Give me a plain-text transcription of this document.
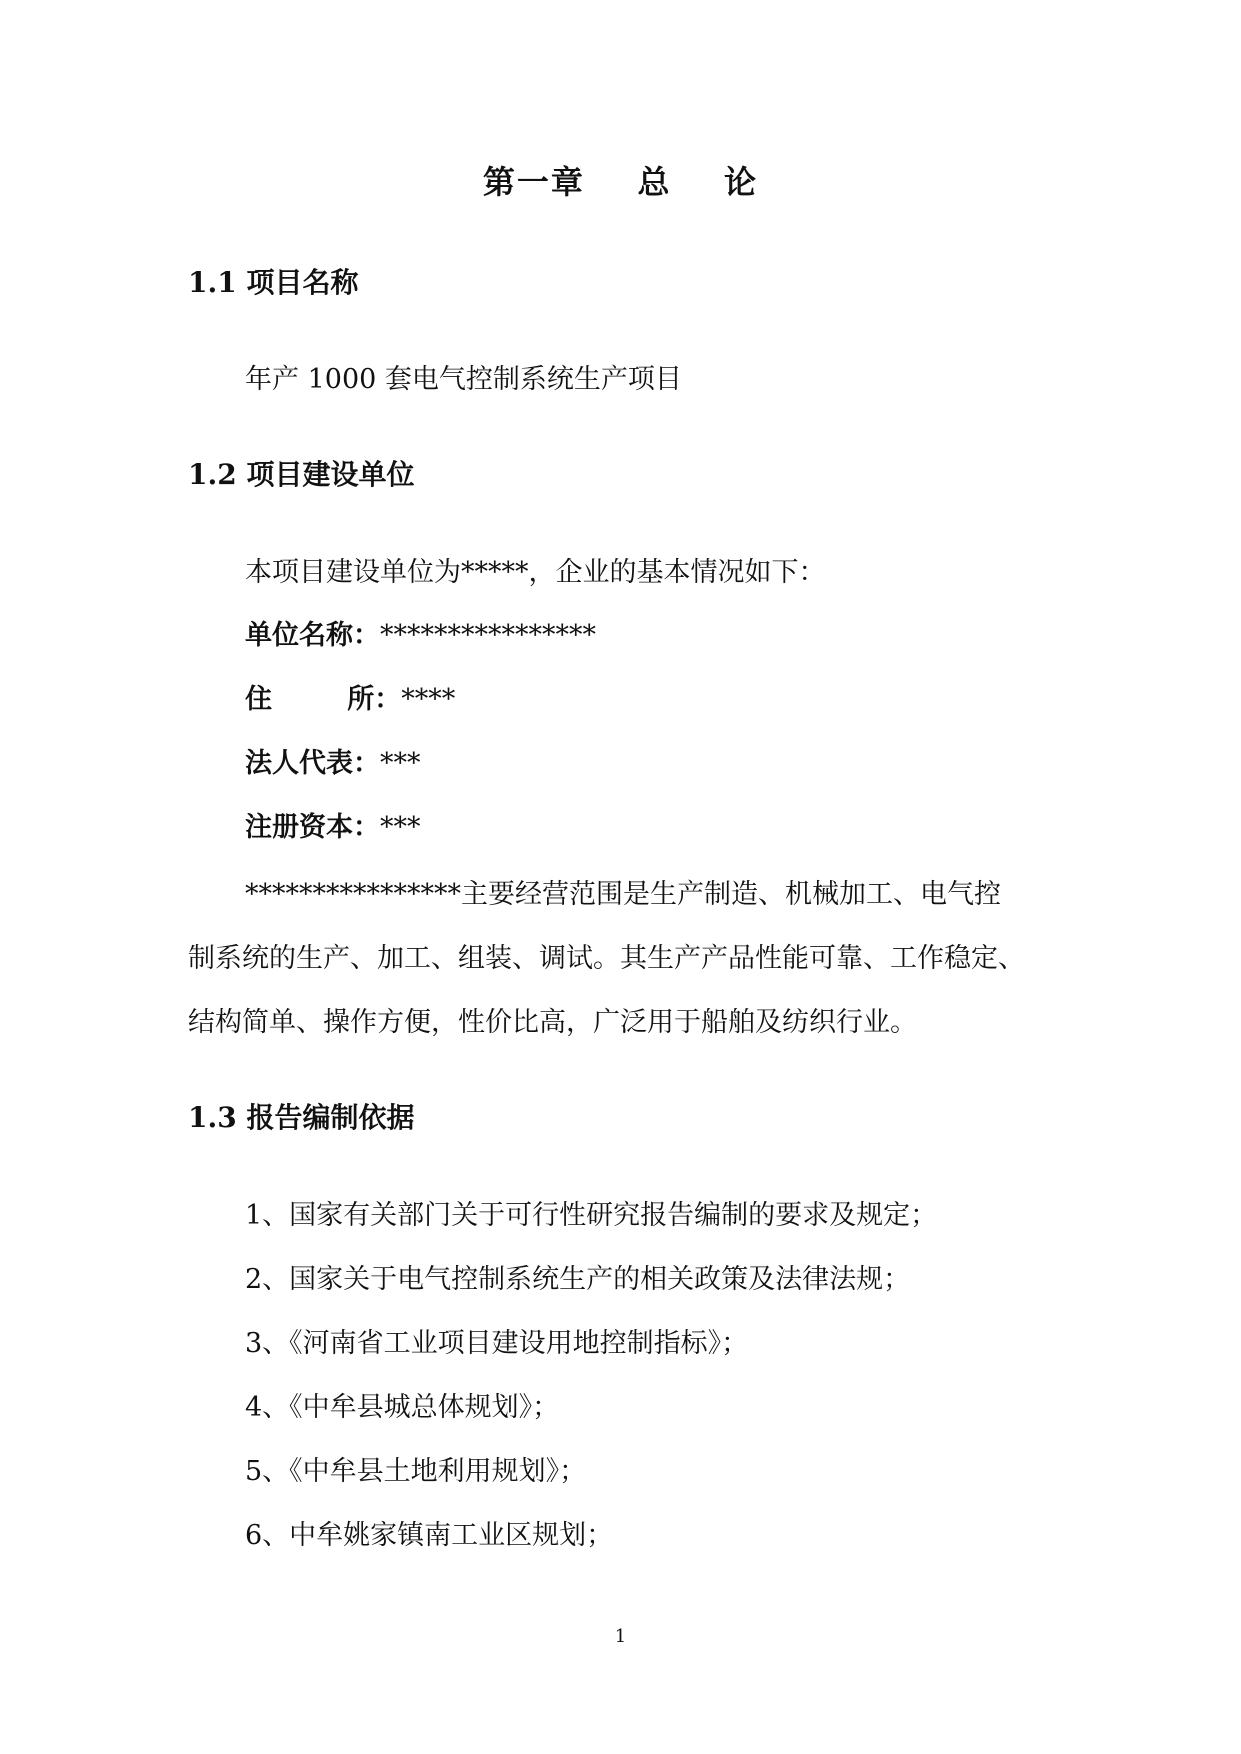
第一章    总    论
1.1 项目名称
年产 1000 套电气控制系统生产项目
1.2 项目建设单位
本项目建设单位为*****，企业的基本情况如下：
单位名称：****************
住        所：****
法人代表：***
注册资本：***
****************主要经营范围是生产制造、机械加工、电气控
制系统的生产、加工、组装、调试。其生产产品性能可靠、工作稳定、
结构简单、操作方便，性价比高，广泛用于船舶及纺织行业。
1.3 报告编制依据
1、国家有关部门关于可行性研究报告编制的要求及规定；
2、国家关于电气控制系统生产的相关政策及法律法规；
3、《河南省工业项目建设用地控制指标》；
4、《中牟县城总体规划》；
5、《中牟县土地利用规划》；
6、中牟姚家镇南工业区规划；
1
